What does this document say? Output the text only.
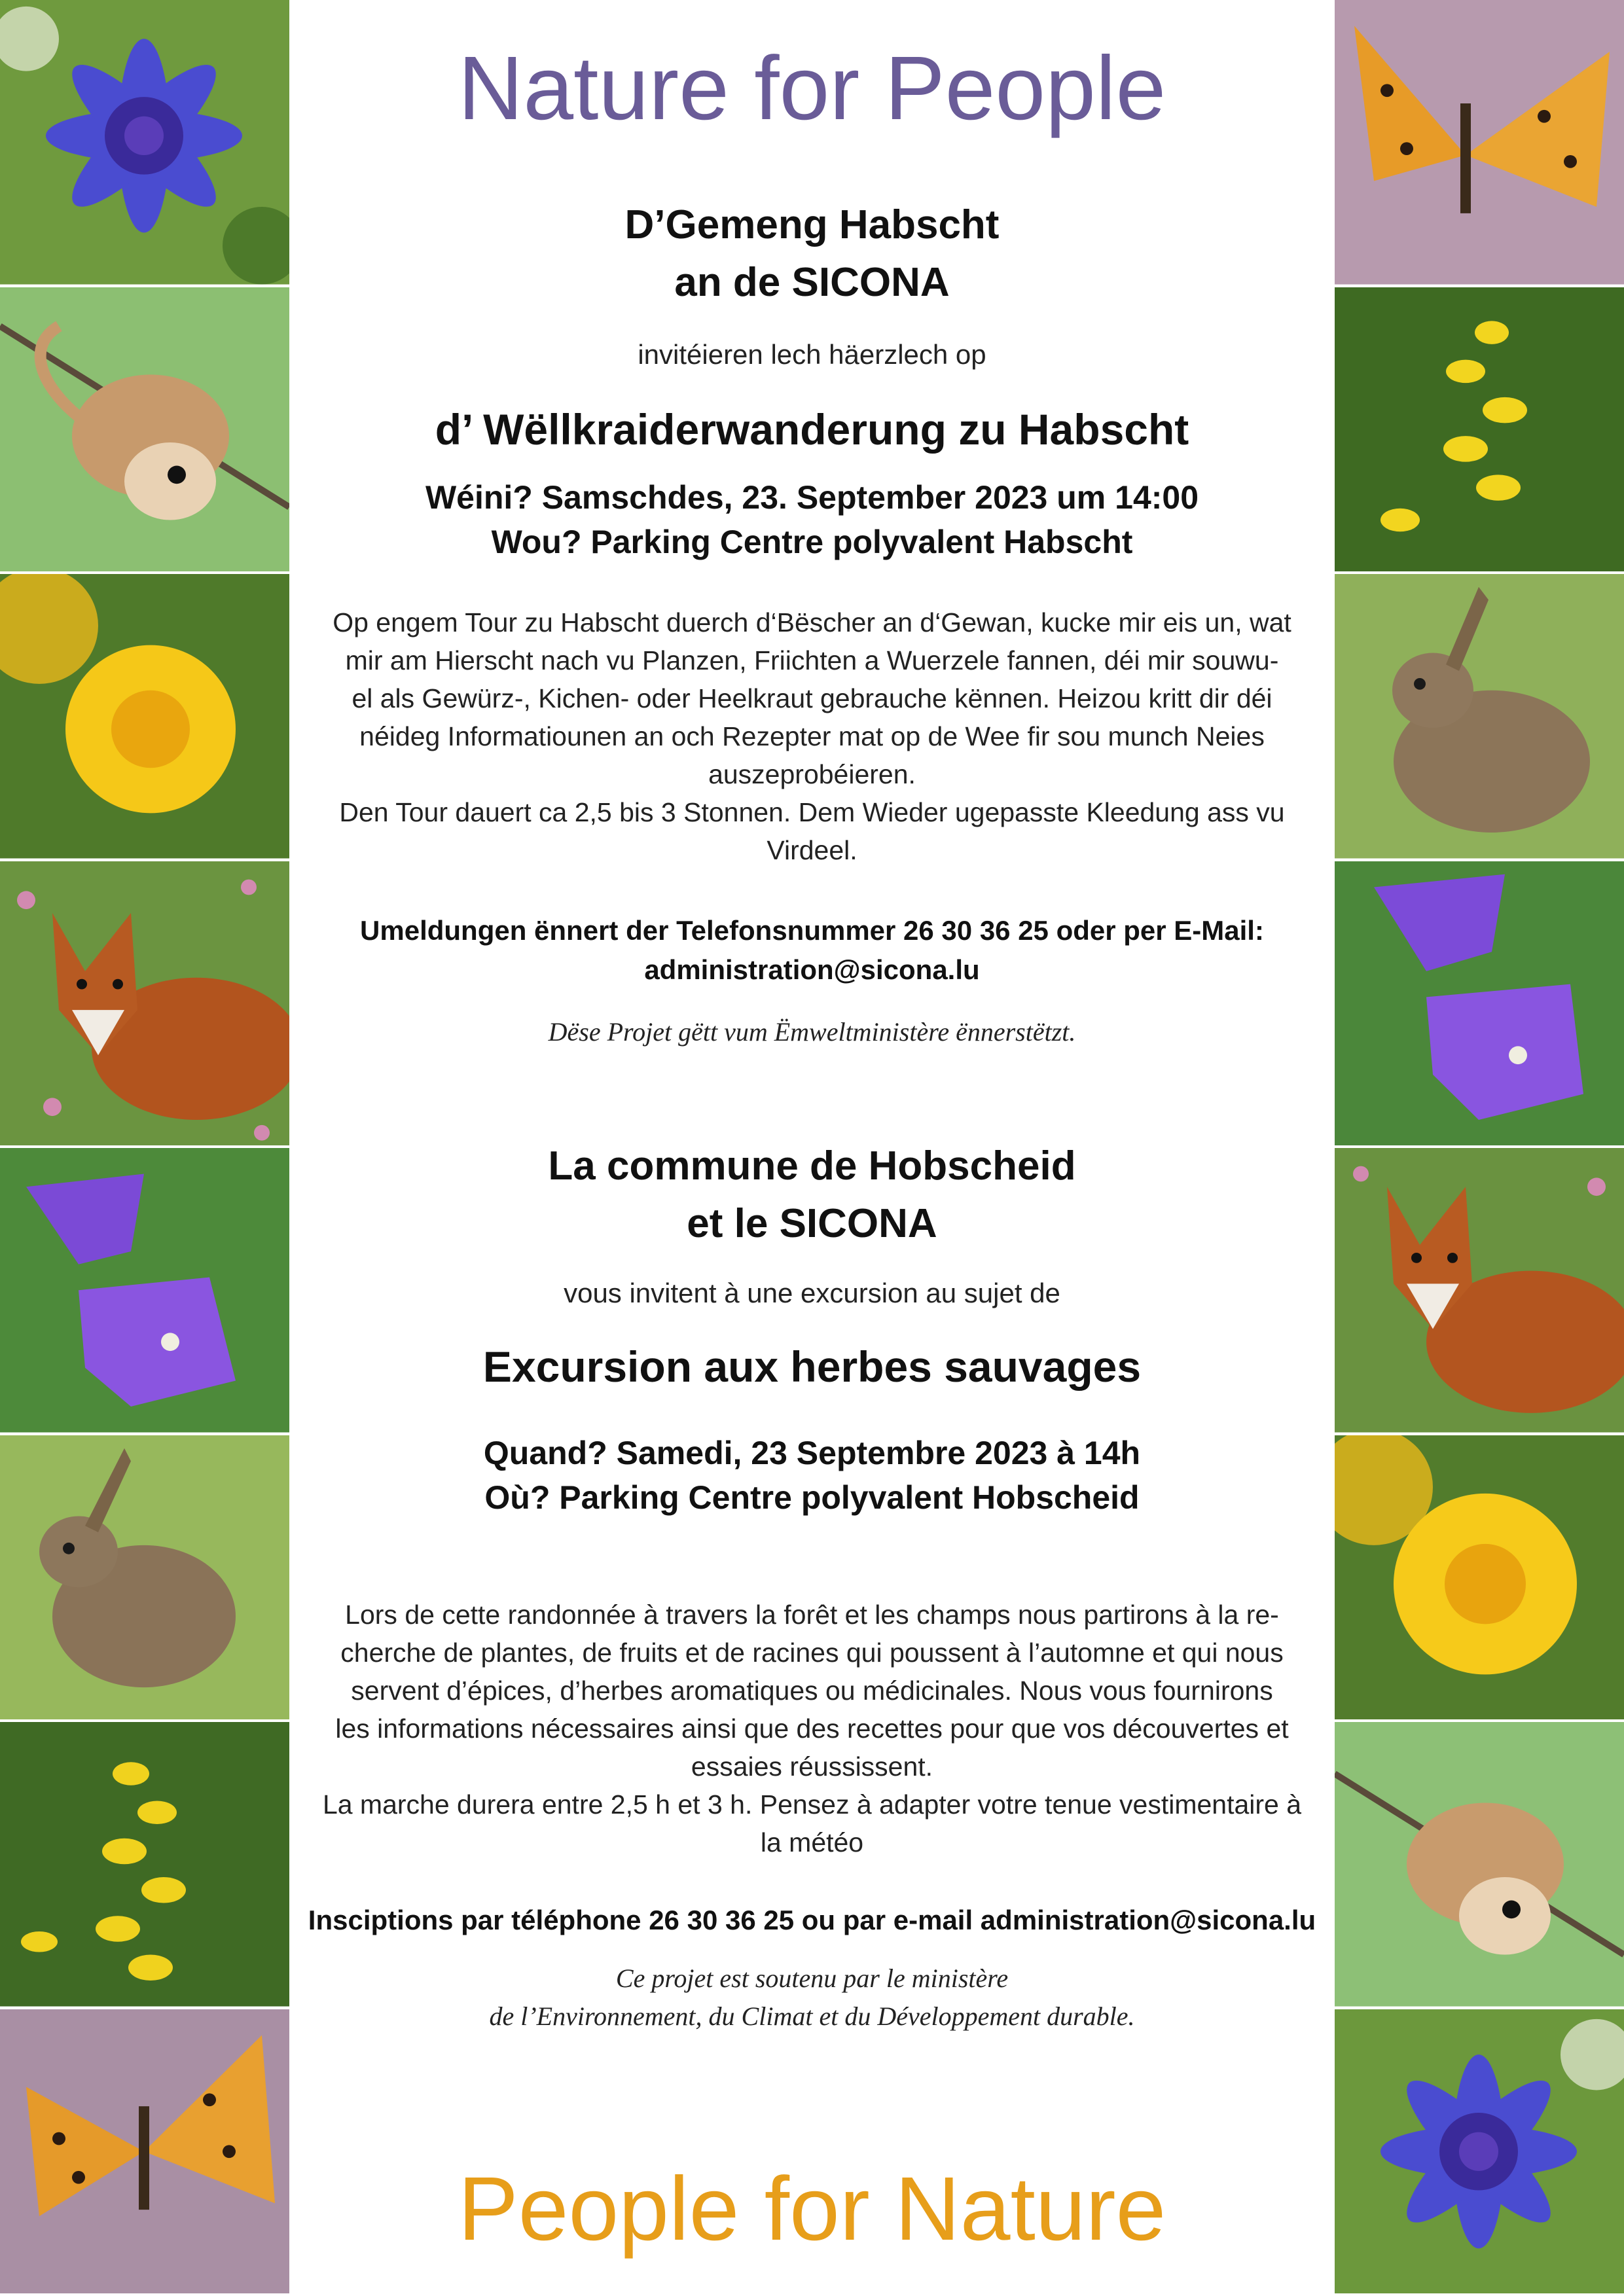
Nature for People
D’Gemeng Habscht
an de SICONA
invitéieren lech häerzlech op
d’ Wëllkraiderwanderung zu Habscht
Wéini? Samschdes, 23. September 2023 um 14:00
Wou? Parking Centre polyvalent Habscht
Op engem Tour zu Habscht duerch d‘Bëscher an d‘Gewan, kucke mir eis un, wat
mir am Hierscht nach vu Planzen, Friichten a Wuerzele fannen, déi mir souwu-
el als Gewürz-, Kichen- oder Heelkraut gebrauche kënnen. Heizou kritt dir déi
néideg Informatiounen an och Rezepter mat op de Wee fir sou munch Neies
auszeprobéieren.
Den Tour dauert ca 2,5 bis 3 Stonnen. Dem Wieder ugepasste Kleedung ass vu
Virdeel.
Umeldungen ënnert der Telefonsnummer 26 30 36 25 oder per E-Mail:
administration@sicona.lu
Dëse Projet gëtt vum Ëmweltministère ënnerstëtzt.
La commune de Hobscheid
et le SICONA
vous invitent à une excursion au sujet de
Excursion aux herbes sauvages
Quand? Samedi, 23 Septembre 2023 à 14h
Où? Parking Centre polyvalent Hobscheid
Lors de cette randonnée à travers la forêt et les champs nous partirons à la re-
cherche de plantes, de fruits et de racines qui poussent à l’automne et qui nous
servent d’épices, d’herbes aromatiques ou médicinales. Nous vous fournirons
les informations nécessaires ainsi que des recettes pour que vos découvertes et
essaies réussissent.
La marche durera entre 2,5 h et 3 h. Pensez à adapter votre tenue vestimentaire à
la météo
Insciptions par téléphone 26 30 36 25 ou par e-mail administration@sicona.lu
Ce projet est soutenu par le ministère
de l’Environnement, du Climat et du Développement durable.
People for Nature
